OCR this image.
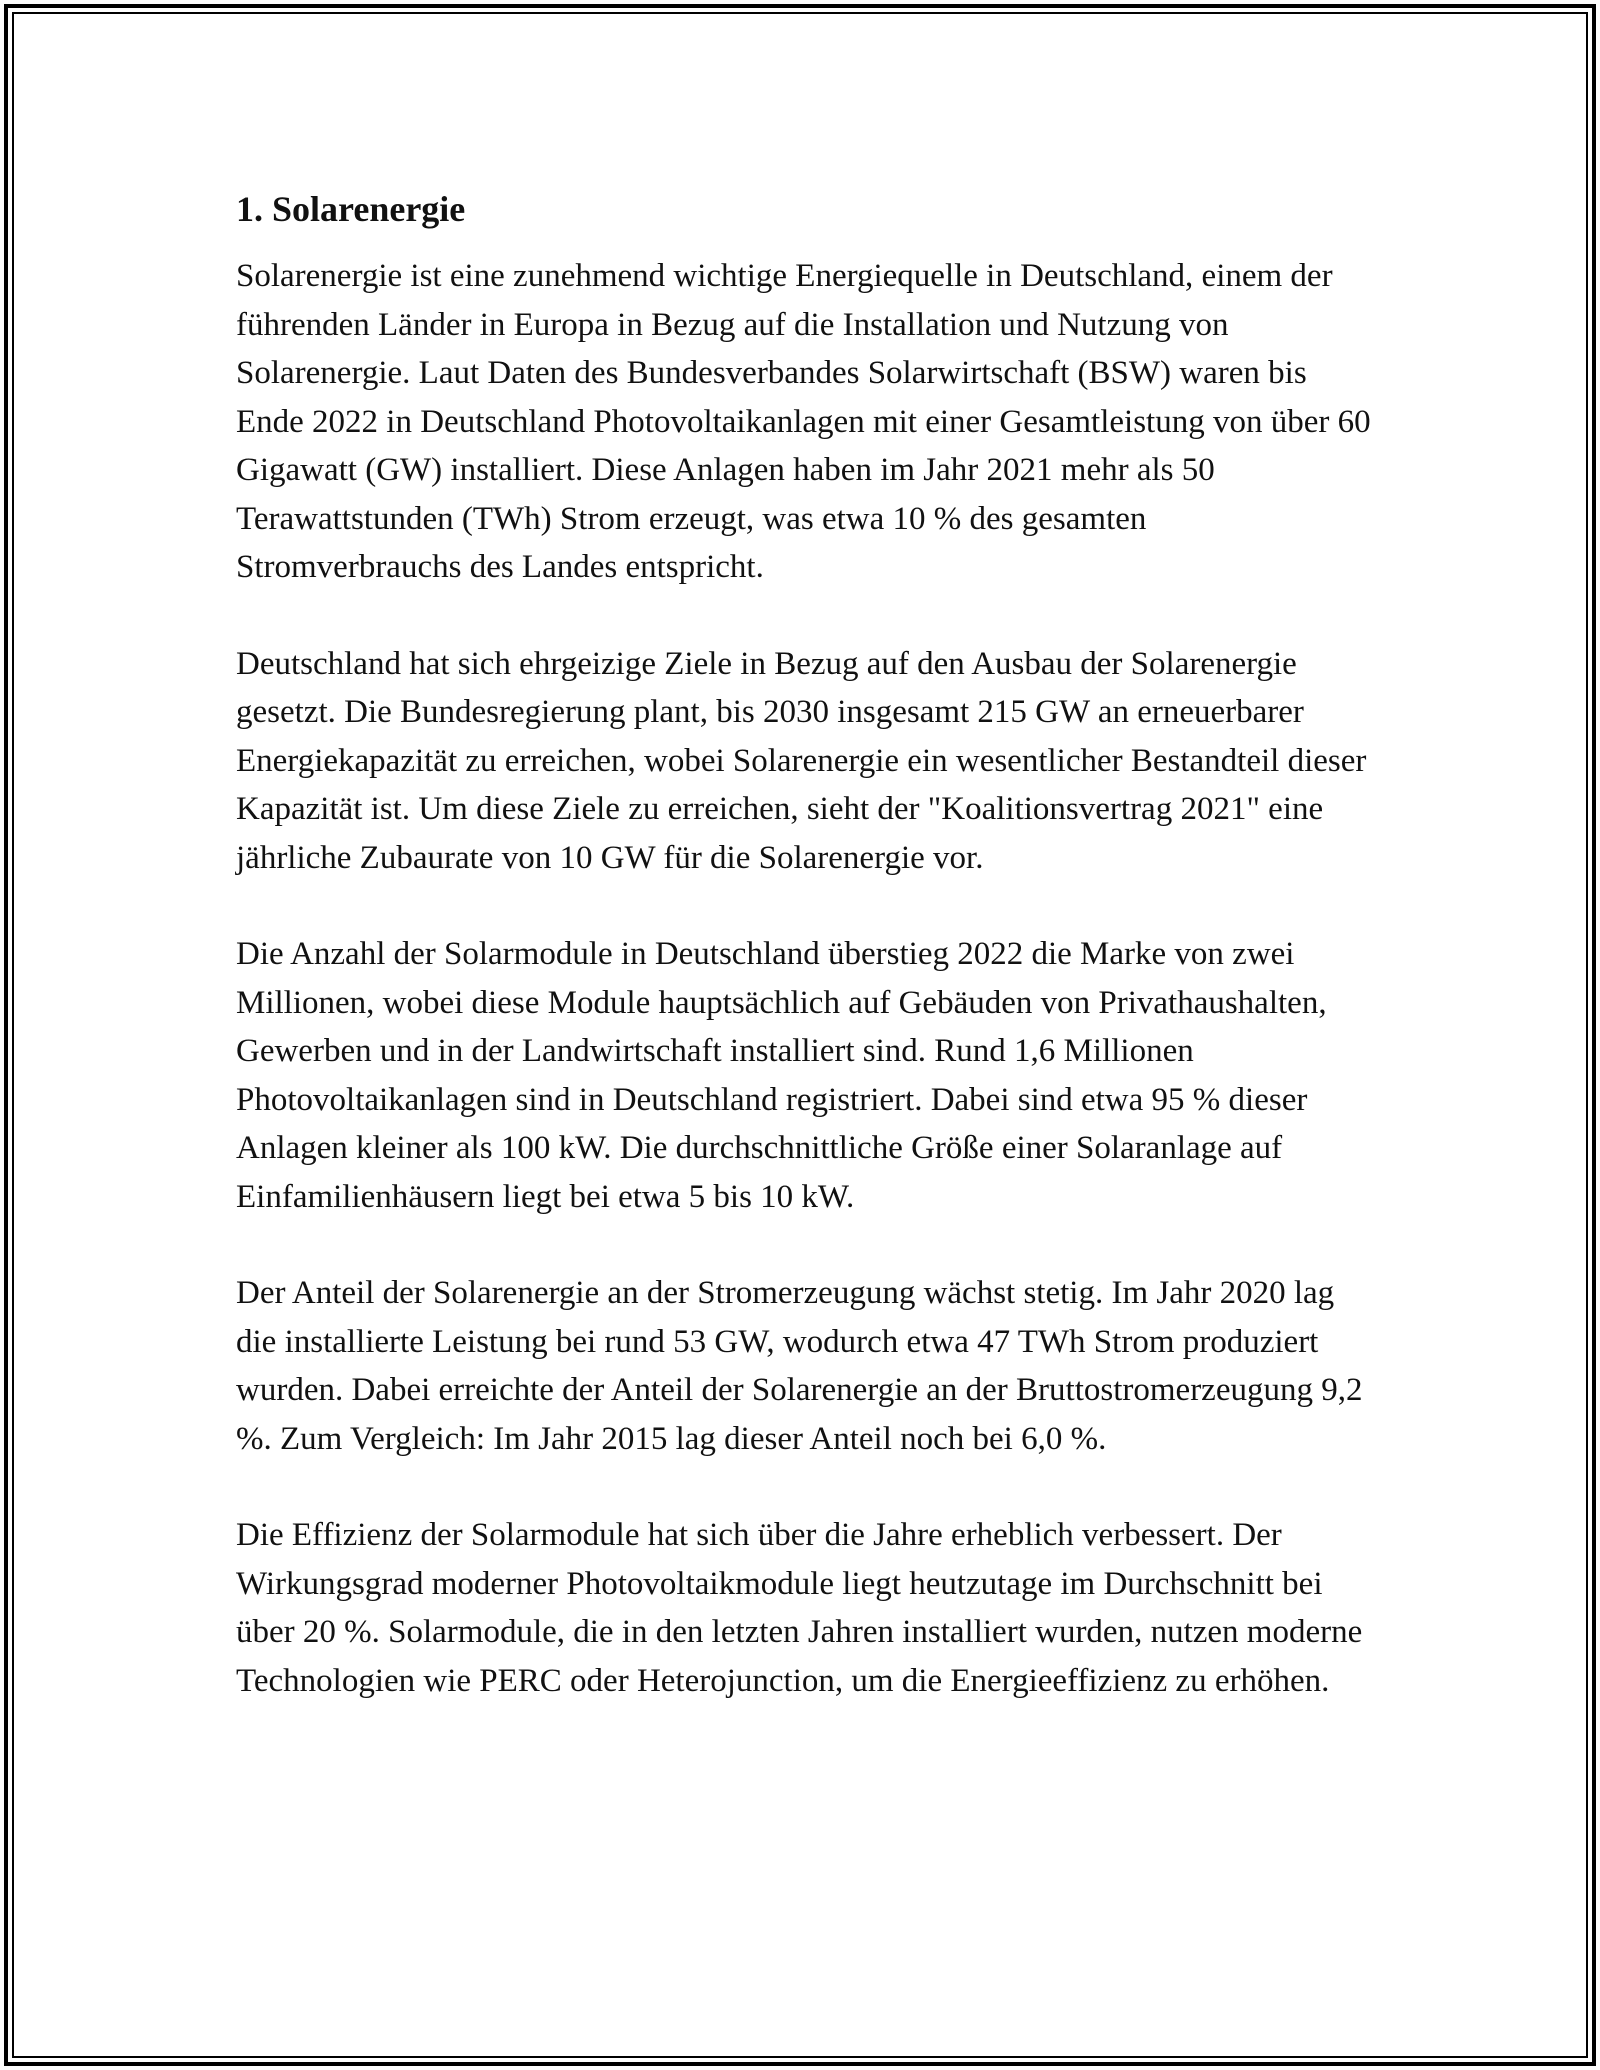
1. Solarenergie

Solarenergie ist eine zunehmend wichtige Energiequelle in Deutschland, einem der führenden Länder in Europa in Bezug auf die Installation und Nutzung von Solarenergie. Laut Daten des Bundesverbandes Solarwirtschaft (BSW) waren bis Ende 2022 in Deutschland Photovoltaikanlagen mit einer Gesamtleistung von über 60 Gigawatt (GW) installiert. Diese Anlagen haben im Jahr 2021 mehr als 50 Terawattstunden (TWh) Strom erzeugt, was etwa 10 % des gesamten Stromverbrauchs des Landes entspricht.

Deutschland hat sich ehrgeizige Ziele in Bezug auf den Ausbau der Solarenergie gesetzt. Die Bundesregierung plant, bis 2030 insgesamt 215 GW an erneuerbarer Energiekapazität zu erreichen, wobei Solarenergie ein wesentlicher Bestandteil dieser Kapazität ist. Um diese Ziele zu erreichen, sieht der "Koalitionsvertrag 2021" eine jährliche Zubaurate von 10 GW für die Solarenergie vor.

Die Anzahl der Solarmodule in Deutschland überstieg 2022 die Marke von zwei Millionen, wobei diese Module hauptsächlich auf Gebäuden von Privathaushalten, Gewerben und in der Landwirtschaft installiert sind. Rund 1,6 Millionen Photovoltaikanlagen sind in Deutschland registriert. Dabei sind etwa 95 % dieser Anlagen kleiner als 100 kW. Die durchschnittliche Größe einer Solaranlage auf Einfamilienhäusern liegt bei etwa 5 bis 10 kW.

Der Anteil der Solarenergie an der Stromerzeugung wächst stetig. Im Jahr 2020 lag die installierte Leistung bei rund 53 GW, wodurch etwa 47 TWh Strom produziert wurden. Dabei erreichte der Anteil der Solarenergie an der Bruttostromerzeugung 9,2 %. Zum Vergleich: Im Jahr 2015 lag dieser Anteil noch bei 6,0 %.

Die Effizienz der Solarmodule hat sich über die Jahre erheblich verbessert. Der Wirkungsgrad moderner Photovoltaikmodule liegt heutzutage im Durchschnitt bei über 20 %. Solarmodule, die in den letzten Jahren installiert wurden, nutzen moderne Technologien wie PERC oder Heterojunction, um die Energieeffizienz zu erhöhen.
